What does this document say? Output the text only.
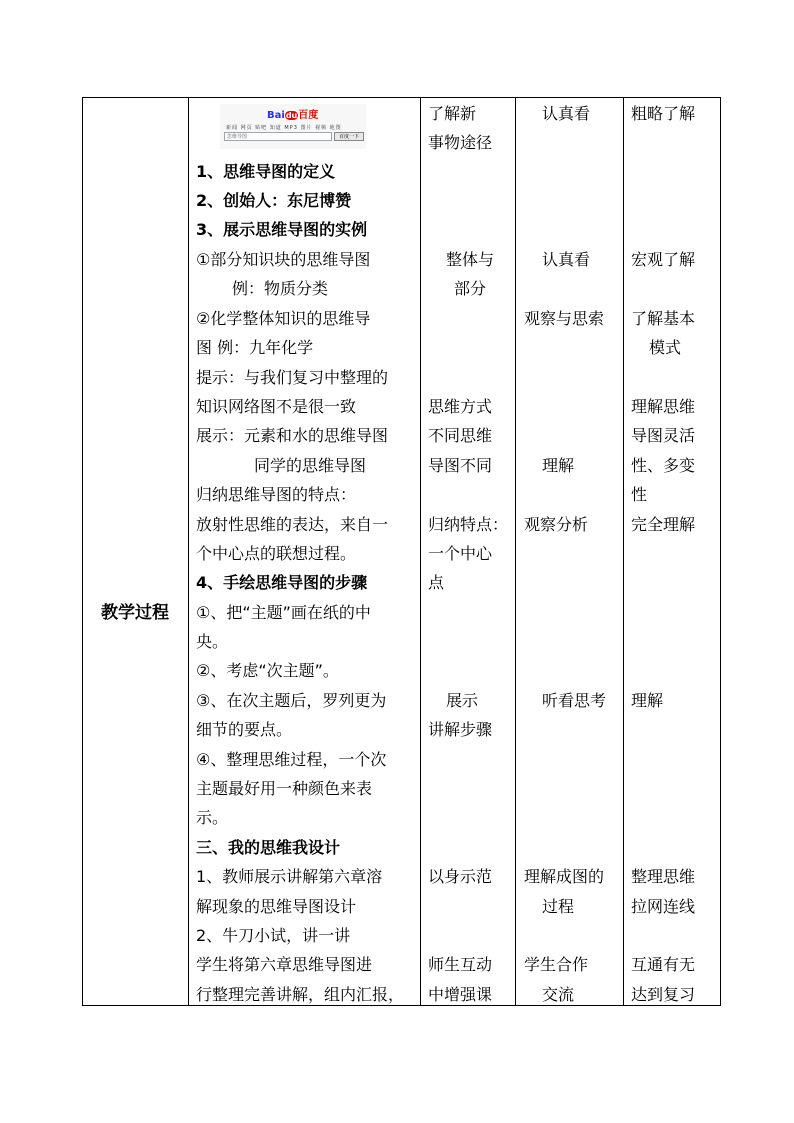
教学过程
Baidu百度
新闻 网页 贴吧 知道 MP3 图片 视频 地图
思维导图	百度一下
1、思维导图的定义
2、创始人：东尼博赞
3、展示思维导图的实例
①部分知识块的思维导图
例：物质分类
②化学整体知识的思维导
图 例：九年化学
提示：与我们复习中整理的
知识网络图不是很一致
展示：元素和水的思维导图
同学的思维导图
归纳思维导图的特点：
放射性思维的表达，来自一
个中心点的联想过程。
4、手绘思维导图的步骤
①、把“主题”画在纸的中
央。
②、考虑“次主题”。
③、在次主题后，罗列更为
细节的要点。
④、整理思维过程，一个次
主题最好用一种颜色来表
示。
三、我的思维我设计
1、教师展示讲解第六章溶
解现象的思维导图设计
2、牛刀小试，讲一讲
学生将第六章思维导图进
行整理完善讲解，组内汇报，
了解新
事物途径
整体与
部分
思维方式
不同思维
导图不同
归纳特点：
一个中心
点
展示
讲解步骤
以身示范
师生互动
中增强课
认真看
认真看
观察与思索
理解
观察分析
听看思考
理解成图的
过程
学生合作
交流
粗略了解
宏观了解
了解基本
模式
理解思维
导图灵活
性、多变
性
完全理解
理解
整理思维
拉网连线
互通有无
达到复习
